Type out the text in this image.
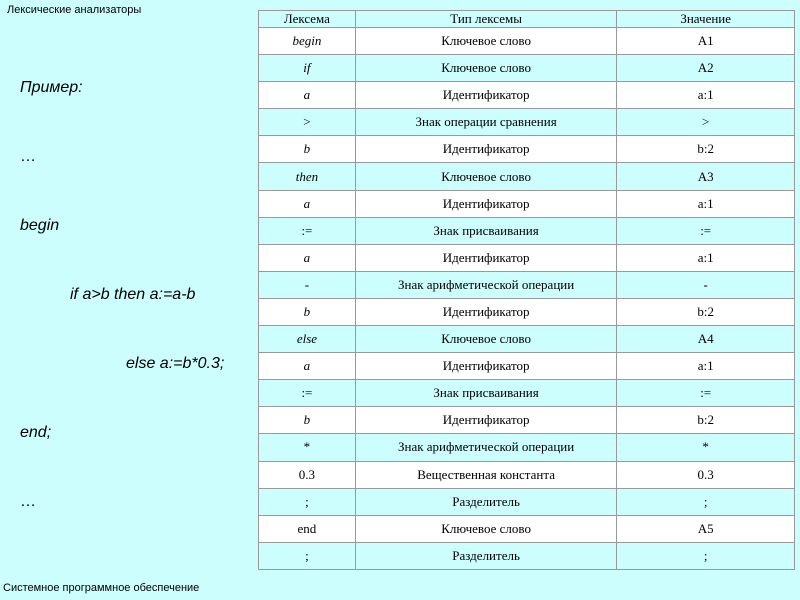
Лексические анализаторы

Пример:

…

begin

if a>b then a:=a-b

else a:=b*0.3;

end;

…

Лексема	Тип лексемы	Значение
begin	Ключевое слово	A1
if	Ключевое слово	A2
a	Идентификатор	a:1
>	Знак операции сравнения	>
b	Идентификатор	b:2
then	Ключевое слово	A3
a	Идентификатор	a:1
:=	Знак присваивания	:=
a	Идентификатор	a:1
-	Знак арифметической операции	-
b	Идентификатор	b:2
else	Ключевое слово	A4
a	Идентификатор	a:1
:=	Знак присваивания	:=
b	Идентификатор	b:2
*	Знак арифметической операции	*
0.3	Вещественная константа	0.3
;	Разделитель	;
end	Ключевое слово	A5
;	Разделитель	;
Системное программное обеспечение
